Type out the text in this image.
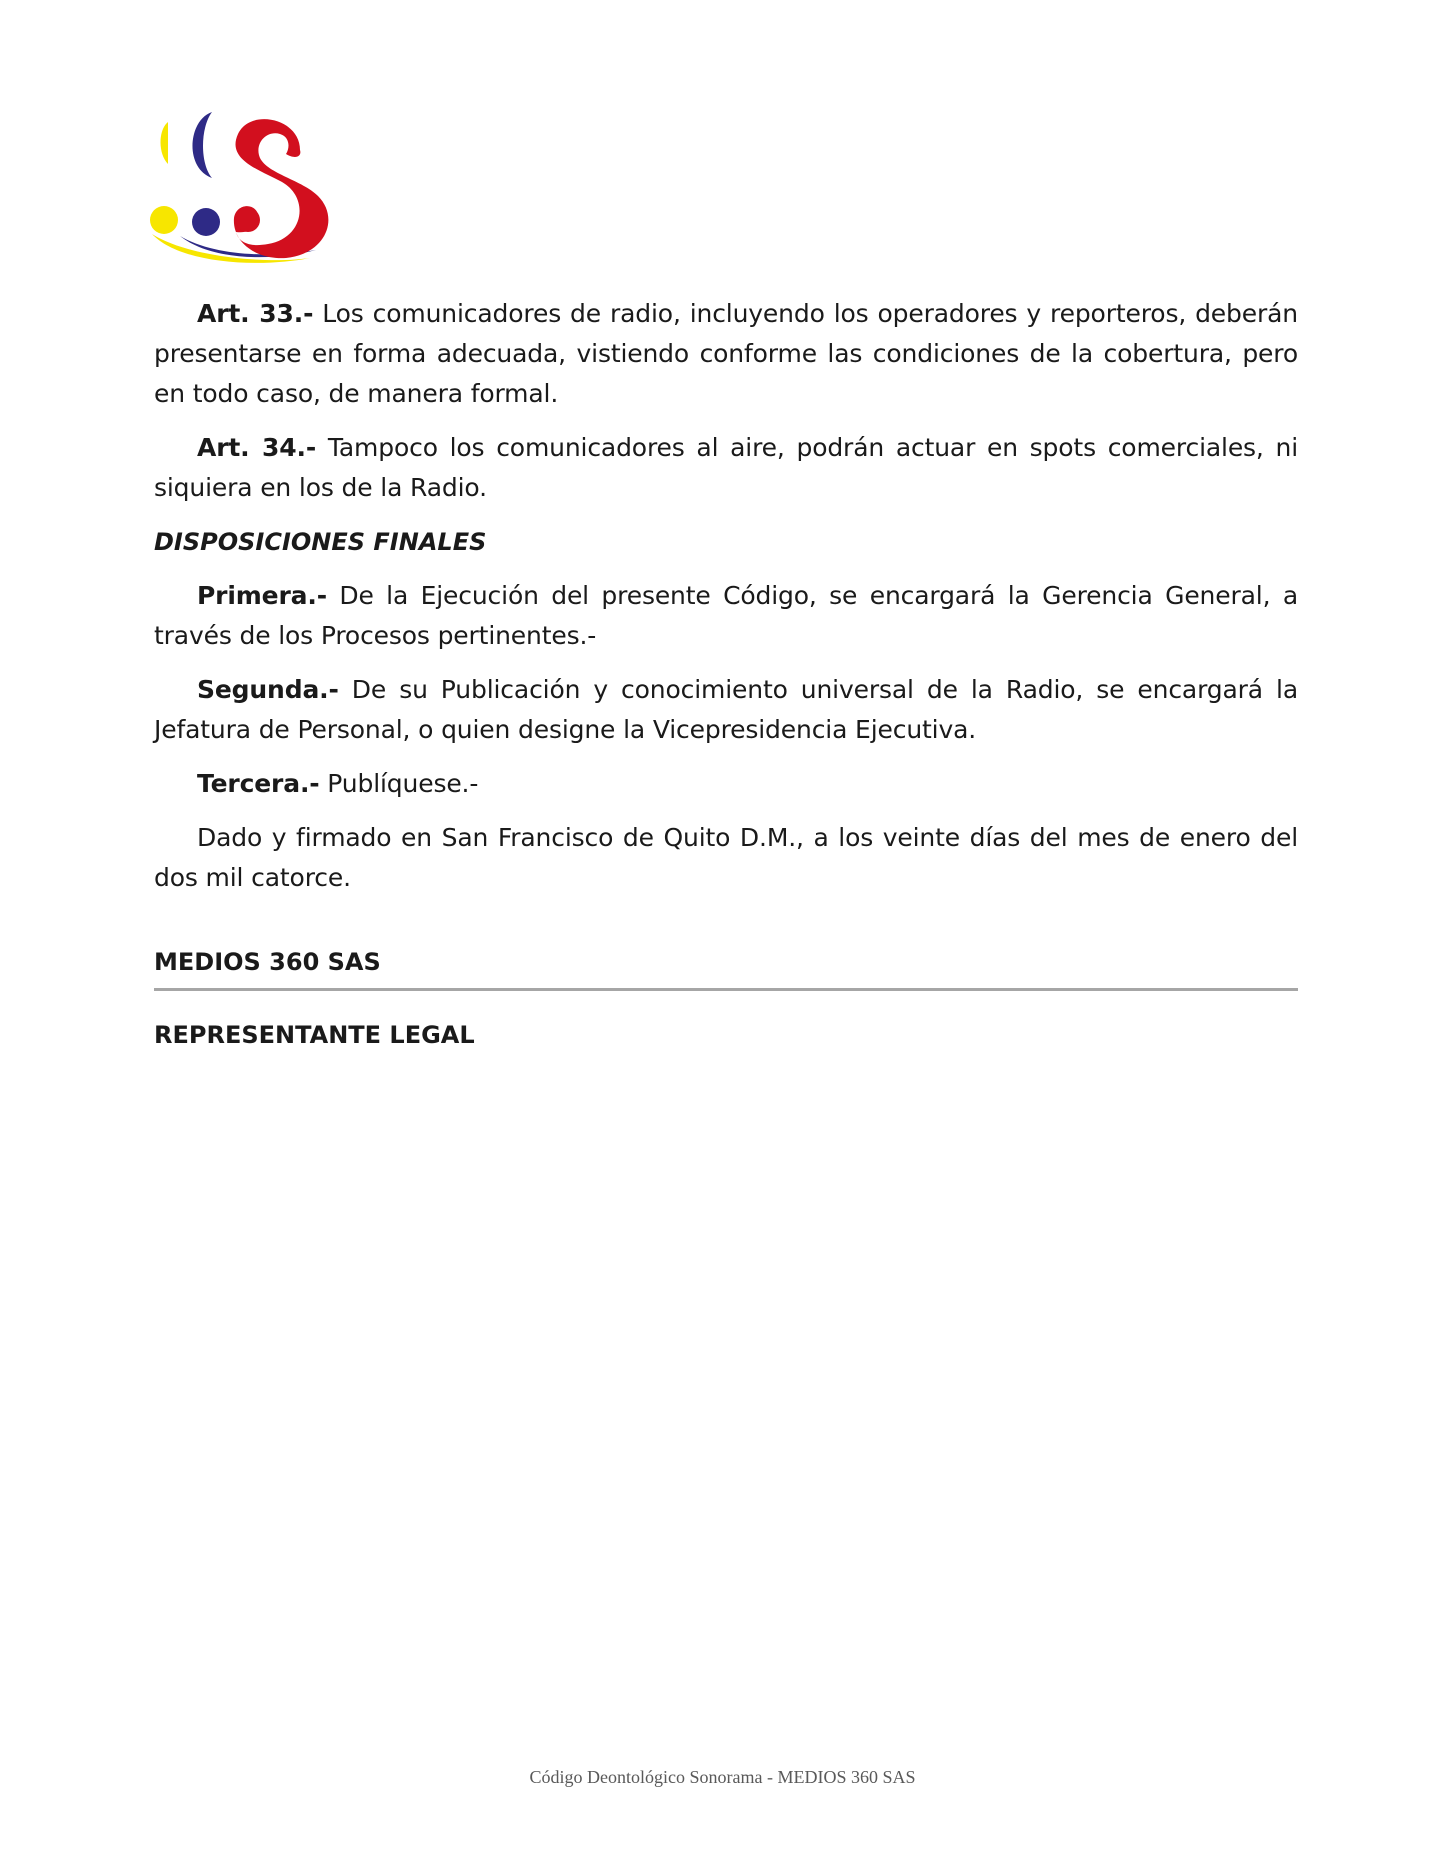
Art. 33.- Los comunicadores de radio, incluyendo los operadores y reporteros, deberán presentarse en forma adecuada, vistiendo conforme las condiciones de la cobertura, pero en todo caso, de manera formal.

Art. 34.- Tampoco los comunicadores al aire, podrán actuar en spots comerciales, ni siquiera en los de la Radio.

DISPOSICIONES FINALES

Primera.- De la Ejecución del presente Código, se encargará la Gerencia General, a través de los Procesos pertinentes.-

Segunda.- De su Publicación y conocimiento universal de la Radio, se encargará la Jefatura de Personal, o quien designe la Vicepresidencia Ejecutiva.

Tercera.- Publíquese.-

Dado y firmado en San Francisco de Quito D.M., a los veinte días del mes de enero del dos mil catorce.

MEDIOS 360 SAS

REPRESENTANTE LEGAL

Código Deontológico Sonorama - MEDIOS 360 SAS
